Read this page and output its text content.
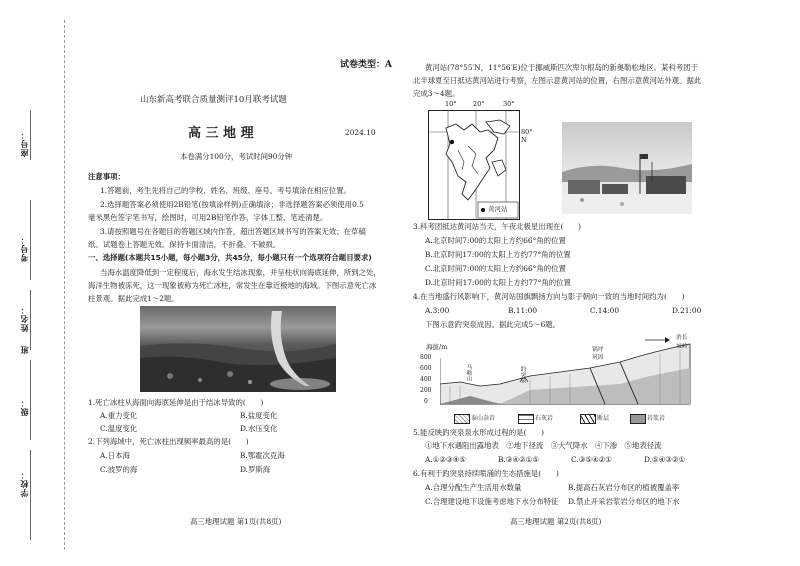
座号：
考号：
姓名：
班
级：
学校：
试卷类型：A
山东新高考联合质量测评10月联考试题
高 三 地 理	2024.10
本卷满分100分，考试时间90分钟
注意事项：
1.答题前，考生先将自己的学校、姓名、班级、座号、考号填涂在相应位置。
2.选择题答案必须使用2B铅笔(按填涂样例)正确填涂；非选择题答案必须使用0.5
毫米黑色签字笔书写，绘图时，可用2B铅笔作答，字体工整、笔迹清楚。
3.请按照题号在各题目的答题区域内作答，超出答题区域书写的答案无效；在草稿
纸、试题卷上答题无效。保持卡面清洁，不折叠、不破损。
一、选择题(本题共15小题，每小题3分，共45分，每小题只有一个选项符合题目要求)
当海水温度降低到一定程度后，海水发生结冰现象，并呈柱状向海底延伸，所到之处，
海洋生物被冻死，这一现象被称为死亡冰柱，常发生在靠近极地的海域。下图示意死亡冰
柱景观。据此完成1～2题。
1.死亡冰柱从海面向海底延伸是由于结冰导致的(　　)
A.重力变化	B.盐度变化
C.温度变化	D.水压变化
2.下列海域中，死亡冰柱出现频率最高的是(　　)
A.日本海	B.鄂霍次克海
C.波罗的海	D.罗斯海
高三地理试题 第1页(共8页)
黄河站(78°55′N，11°56′E)位于挪威斯匹次卑尔根岛的新奥勒松地区。某科考团于
北半球夏至日抵达黄河站进行考察，左图示意黄河站的位置，右图示意黄河站外观。据此
完成3～4题。
10°	20°	30°
80° N
黄河站
3.科考团抵达黄河站当天，午夜北极星出现在(　　)
A.北京时间7:00的太阳上方约66°角的位置
B.北京时间17:00的太阳上方约77°角的位置
C.北京时间7:00的太阳上方约66°角的位置
D.北京时间17:00的太阳上方约77°角的位置
4.在当地盛行风影响下，黄河站国旗飘扬方向与影子朝向一致的当地时间约为(　　)
A.3:00	B.11:00	C.14:00	D.21:00
下图示意趵突泉成因。据此完成5～6题。
海拔/m
800
600
400
200
0
马鞍山	趵突泉
锅坪
巩固
消长
城岭
泰山杂岩	石灰岩	断层	岩浆岩
5.能反映趵突泉泉水形成过程的是(　　)
①地下水遇阻出露地表　②地下径流　③大气降水　④下渗　⑤地表径流
A.①②③④⑤	B.③④②①⑤	C.③⑤④②①	D.⑤④③②①
6.有利于趵突泉持续喷涌的生态措施是(　　)
A.合理分配生产生活用水数量	B.提高石灰岩分布区的植被覆盖率
C.合理建设地下设施考虑地下水分布特征 D.禁止开采岩浆岩分布区的地下水
高三地理试题 第2页(共8页)
